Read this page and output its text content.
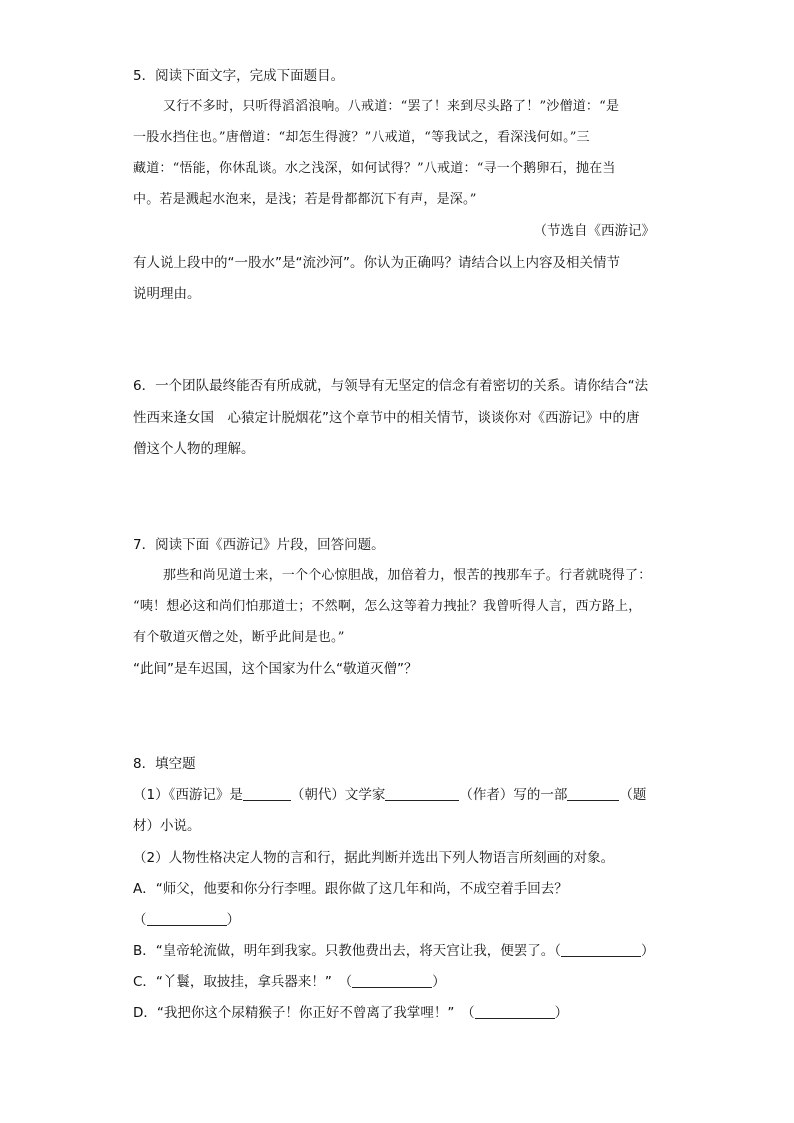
5．阅读下面文字，完成下面题目。
又行不多时，只听得滔滔浪响。八戒道：“罢了！来到尽头路了！”沙僧道：“是
一股水挡住也。”唐僧道：“却怎生得渡？”八戒道，“等我试之，看深浅何如。”三
藏道：“悟能，你休乱谈。水之浅深，如何试得？”八戒道：“寻一个鹅卵石，抛在当
中。若是溅起水泡来，是浅；若是骨都都沉下有声，是深。”
（节选自《西游记》
有人说上段中的“一股水”是“流沙河”。你认为正确吗？请结合以上内容及相关情节
说明理由。
6．一个团队最终能否有所成就，与领导有无坚定的信念有着密切的关系。请你结合“法
性西来逢女国　心猿定计脱烟花”这个章节中的相关情节，谈谈你对《西游记》中的唐
僧这个人物的理解。
7．阅读下面《西游记》片段，回答问题。
那些和尚见道士来，一个个心惊胆战，加倍着力，恨苦的拽那车子。行者就晓得了：
“咦！想必这和尚们怕那道士；不然啊，怎么这等着力拽扯？我曾听得人言，西方路上，
有个敬道灭僧之处，断乎此间是也。”
“此间”是车迟国，这个国家为什么“敬道灭僧”？
8．填空题
（1）《西游记》是	（朝代）文学家	（作者）写的一部	（题
材）小说。
（2）人物性格决定人物的言和行，据此判断并选出下列人物语言所刻画的对象。
A．“师父，他要和你分行李哩。跟你做了这几年和尚，不成空着手回去？
（	）
B．“皇帝轮流做，明年到我家。只教他费出去，将天宫让我，便罢了。（	）
C．“丫鬟，取披挂，拿兵器来！”　（	）
D．“我把你这个尿精猴子！你正好不曾离了我掌哩！”　（	）
